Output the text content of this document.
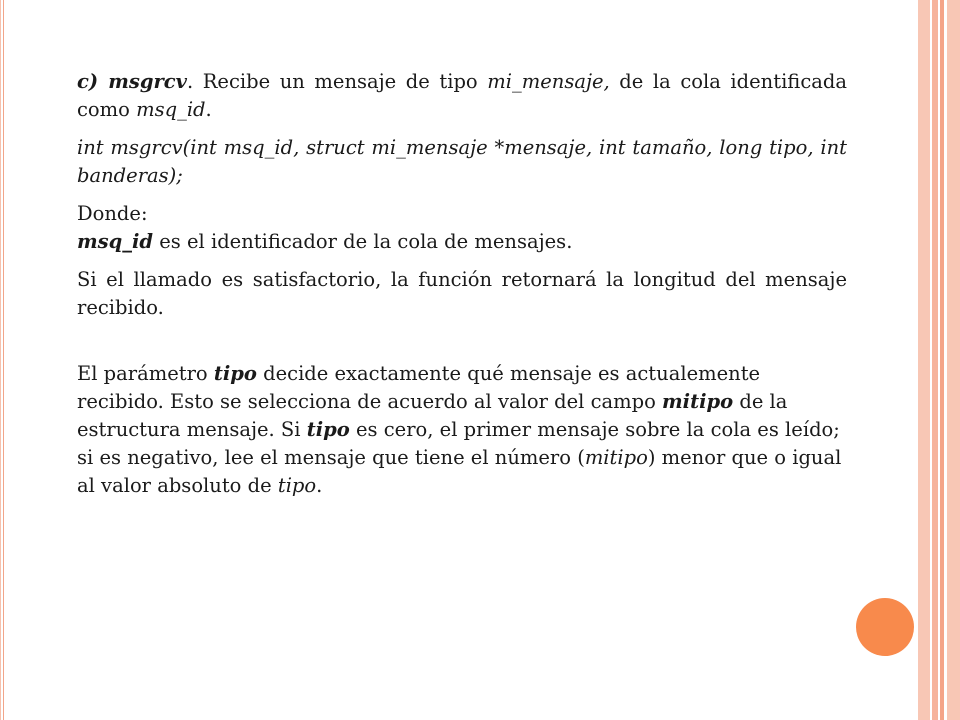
c) msgrcv. Recibe un mensaje de tipo mi_mensaje, de la cola identificada como msq_id.

int msgrcv(int msq_id, struct mi_mensaje *mensaje, int tamaño, long tipo, int banderas);

Donde:
msq_id es el identificador de la cola de mensajes.

Si el llamado es satisfactorio, la función retornará la longitud del mensaje recibido.

El parámetro tipo decide exactamente qué mensaje es actualemente recibido. Esto se selecciona de acuerdo al valor del campo mitipo de la estructura mensaje. Si tipo es cero, el primer mensaje sobre la cola es leído; si es negativo, lee el mensaje que tiene el número (mitipo) menor que o igual al valor absoluto de tipo.
